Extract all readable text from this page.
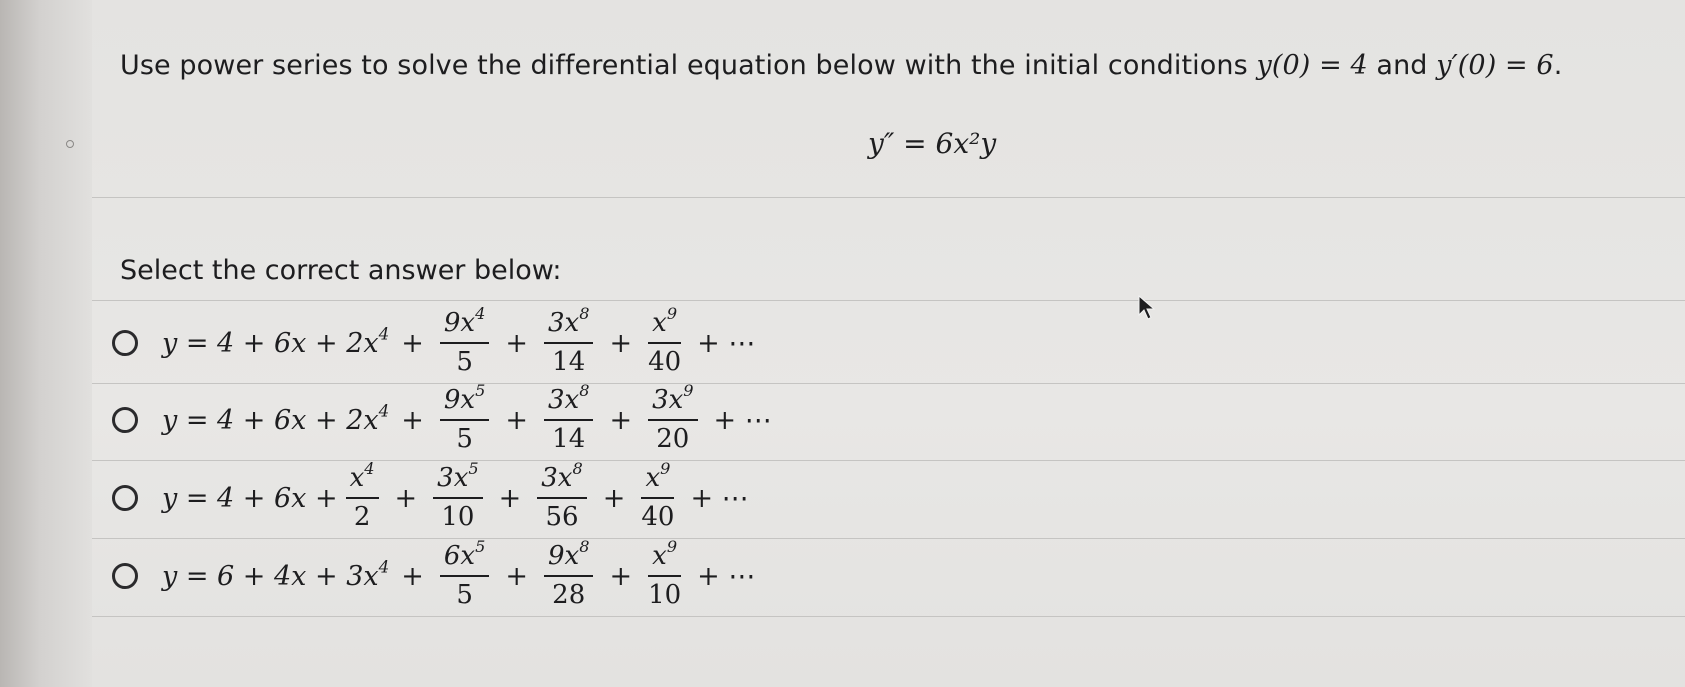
Use power series to solve the differential equation below with the initial conditions y(0) = 4 and y′(0) = 6.
y″ = 6x²y
Select the correct answer below:
$y = 4 + 6x + 2x^4 + \frac{9x^4}{5} + \frac{3x^8}{14} + \frac{x^9}{40}$ + ⋯
$y = 4 + 6x + 2x^4 + \frac{9x^5}{5} + \frac{3x^8}{14} + \frac{3x^9}{20}$ + ⋯
$y = 4 + 6x + \frac{x^4}{2} + \frac{3x^5}{10} + \frac{3x^8}{56} + \frac{x^9}{40}$ + ⋯
$y = 6 + 4x + 3x^4 + \frac{6x^5}{5} + \frac{9x^8}{28} + \frac{x^9}{10}$ + ⋯
